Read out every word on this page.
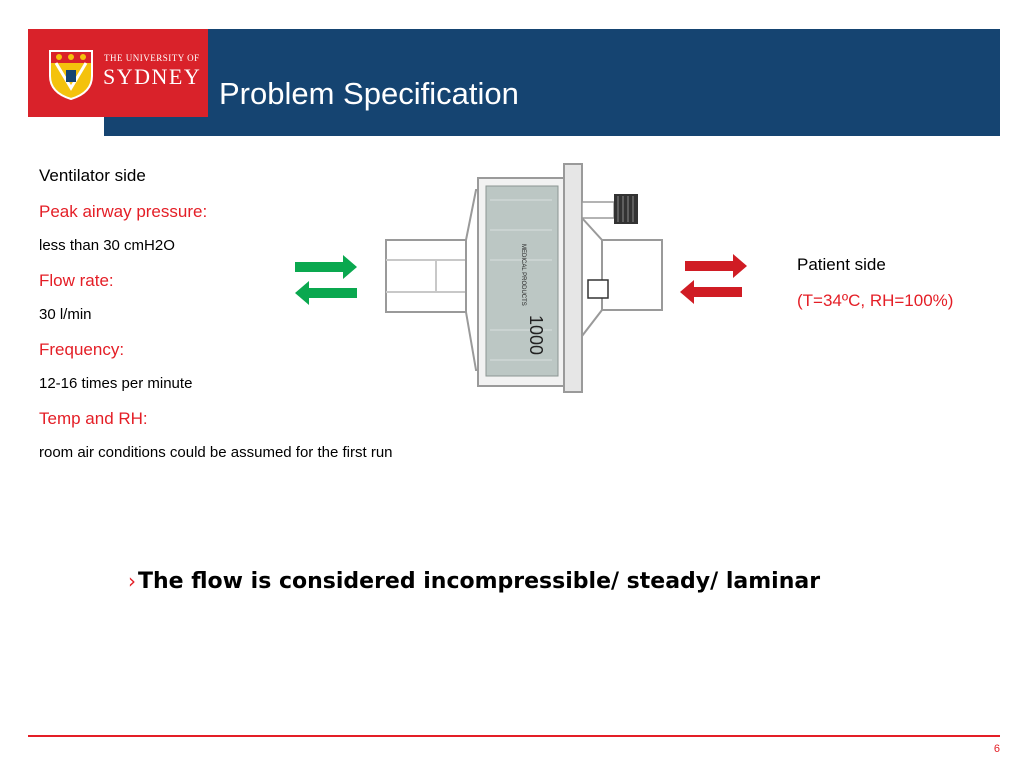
THE UNIVERSITY OF
SYDNEY Problem Specification
Ventilator side
Peak airway pressure:
less than 30 cmH2O
Flow rate:
30 l/min
Frequency:
12-16 times per minute
Temp and RH:
room air conditions could be assumed for the first run
MEDICAL PRODUCTS
1000
Patient side
(T=34ºC, RH=100%)
›The flow is considered incompressible/ steady/ laminar
6
